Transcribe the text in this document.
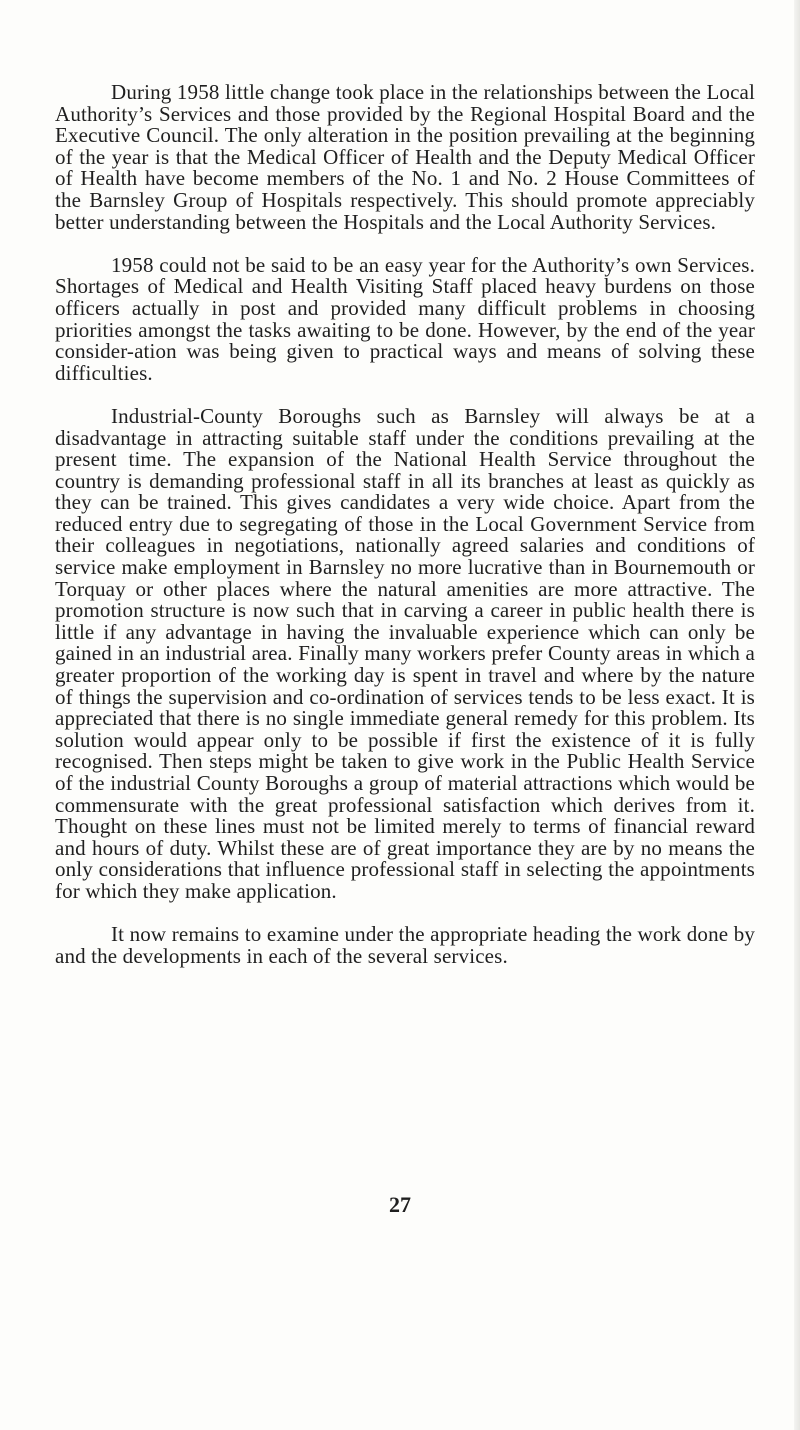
During 1958 little change took place in the relationships between the Local Authority’s Services and those provided by the Regional Hospital Board and the Executive Council. The only alteration in the position prevailing at the beginning of the year is that the Medical Officer of Health and the Deputy Medical Officer of Health have become members of the No. 1 and No. 2 House Committees of the Barnsley Group of Hospitals respectively. This should promote appreciably better understanding between the Hospitals and the Local Authority Services.

1958 could not be said to be an easy year for the Authority’s own Services. Shortages of Medical and Health Visiting Staff placed heavy burdens on those officers actually in post and provided many difficult problems in choosing priorities amongst the tasks awaiting to be done. However, by the end of the year consider-ation was being given to practical ways and means of solving these difficulties.

Industrial-County Boroughs such as Barnsley will always be at a disadvantage in attracting suitable staff under the conditions prevailing at the present time. The expansion of the National Health Service throughout the country is demanding professional staff in all its branches at least as quickly as they can be trained. This gives candidates a very wide choice. Apart from the reduced entry due to segregating of those in the Local Government Service from their colleagues in negotiations, nationally agreed salaries and conditions of service make employment in Barnsley no more lucrative than in Bournemouth or Torquay or other places where the natural amenities are more attractive. The promotion structure is now such that in carving a career in public health there is little if any advantage in having the invaluable experience which can only be gained in an industrial area. Finally many workers prefer County areas in which a greater proportion of the working day is spent in travel and where by the nature of things the supervision and co-ordination of services tends to be less exact. It is appreciated that there is no single immediate general remedy for this problem. Its solution would appear only to be possible if first the existence of it is fully recognised. Then steps might be taken to give work in the Public Health Service of the industrial County Boroughs a group of material attractions which would be commensurate with the great professional satisfaction which derives from it. Thought on these lines must not be limited merely to terms of financial reward and hours of duty. Whilst these are of great importance they are by no means the only considerations that influence professional staff in selecting the appointments for which they make application.

It now remains to examine under the appropriate heading the work done by and the developments in each of the several services.

27
